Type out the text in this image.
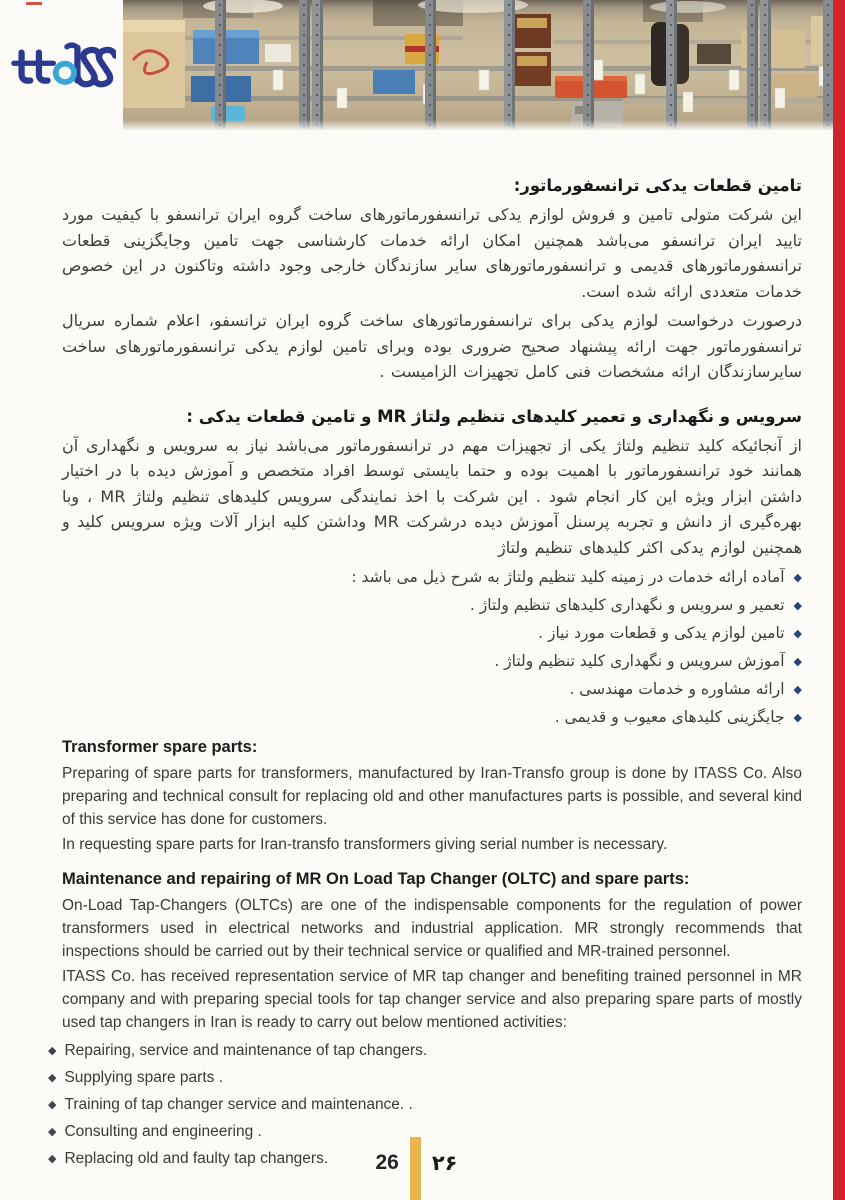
تامین قطعات یدکی ترانسفورماتور:

این شرکت متولی تامین و فروش لوازم یدکی ترانسفورماتورهای ساخت گروه ایران ترانسفو با کیفیت مورد تایید ایران ترانسفو می‌باشد همچنین امکان ارائه خدمات کارشناسی جهت تامین وجایگزینی قطعات ترانسفورماتورهای قدیمی و ترانسفورماتورهای سایر سازندگان خارجی وجود داشته وتاکنون در این خصوص خدمات متعددی ارائه شده است.

درصورت درخواست لوازم یدکی برای ترانسفورماتورهای ساخت گروه ایران ترانسفو، اعلام شماره سریال ترانسفورماتور جهت ارائه پیشنهاد صحیح ضروری بوده وبرای تامین لوازم یدکی ترانسفورماتورهای ساخت سایرسازندگان ارائه مشخصات فنی کامل تجهیزات الزامیست .

سرویس و نگهداری و تعمیر کلیدهای تنظیم ولتاژ MR و تامین قطعات یدکی :

از آنجائیکه کلید تنظیم ولتاژ یکی از تجهیزات مهم در ترانسفورماتور می‌باشد نیاز به سرویس و نگهداری آن همانند خود ترانسفورماتور با اهمیت بوده و حتما بایستی توسط افراد متخصص و آموزش دیده با در اختیار داشتن ابزار ویژه این کار انجام شود . این شرکت با اخذ نمایندگی سرویس کلیدهای تنظیم ولتاژ MR ، وبا بهره‌گیری از دانش و تجربه پرسنل آموزش دیده درشرکت MR وداشتن کلیه ابزار آلات ویژه سرویس کلید و همچنین لوازم یدکی اکثر کلیدهای تنظیم ولتاژ

◆
آماده ارائه خدمات در زمینه کلید تنظیم ولتاژ به شرح ذیل می باشد :
◆
تعمیر و سرویس و نگهداری کلیدهای تنظیم ولتاژ .
◆
تامین لوازم یدکی و قطعات مورد نیاز .
◆
آموزش سرویس و نگهداری کلید تنظیم ولتاژ .
◆
ارائه مشاوره و خدمات مهندسی .
◆
جایگزینی کلیدهای معیوب و قدیمی .
Transformer spare parts:

Preparing of spare parts for transformers, manufactured by Iran-Transfo group is done by ITASS Co. Also preparing and technical consult for replacing old and other manufactures parts is possible, and several kind of this service has done for customers.

In requesting spare parts for Iran-transfo transformers giving serial number is necessary.

Maintenance and repairing of MR On Load Tap Changer (OLTC) and spare parts:

On-Load Tap-Changers (OLTCs) are one of the indispensable components for the regulation of power transformers used in electrical networks and industrial application. MR strongly recommends that inspections should be carried out by their technical service or qualified and MR-trained personnel.

ITASS Co. has received representation service of MR tap changer and benefiting trained personnel in MR company and with preparing special tools for tap changer service and also preparing spare parts of mostly used tap changers in Iran is ready to carry out below mentioned activities:

◆ Repairing, service and maintenance of tap changers.
◆ Supplying spare parts .
◆ Training of tap changer service and maintenance. .
◆ Consulting and engineering .
◆ Replacing old and faulty tap changers. 26 ۲۶
